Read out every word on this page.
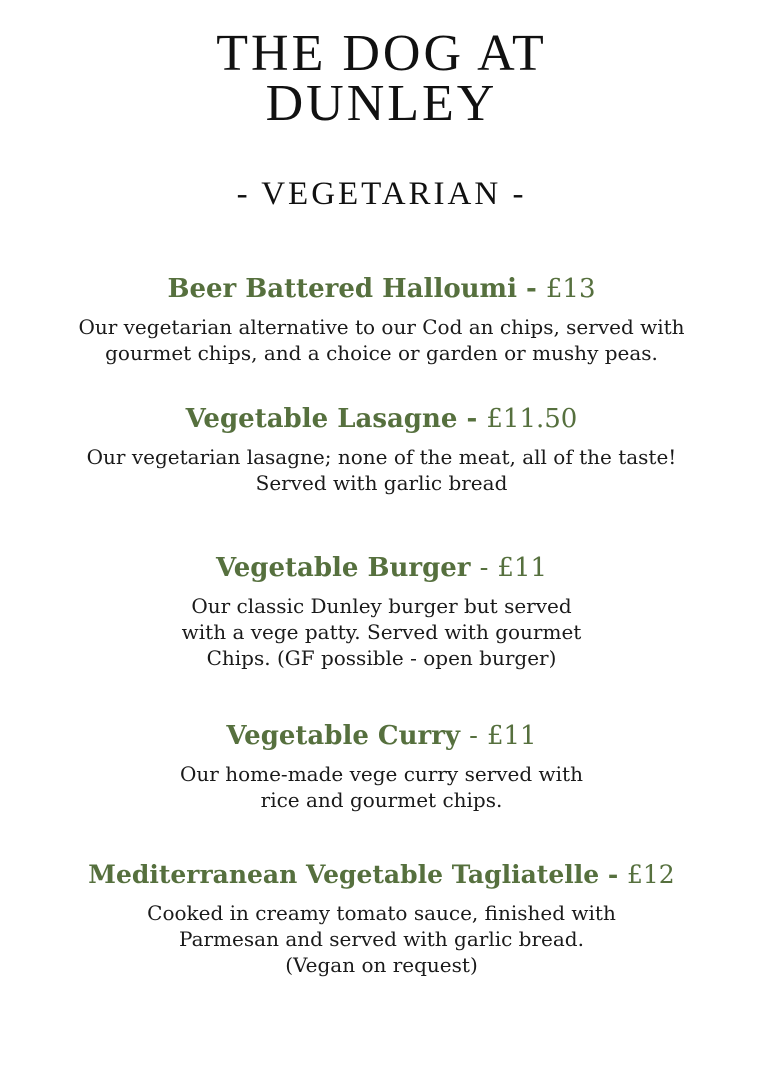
THE DOG AT
DUNLEY
- VEGETARIAN -
Beer Battered Halloumi - £13
Our vegetarian alternative to our Cod an chips, served with
gourmet chips, and a choice or garden or mushy peas.
Vegetable Lasagne - £11.50
Our vegetarian lasagne; none of the meat, all of the taste!
Served with garlic bread
Vegetable Burger - £11
Our classic Dunley burger but served
with a vege patty. Served with gourmet
Chips. (GF possible - open burger)
Vegetable Curry - £11
Our home-made vege curry served with
rice and gourmet chips.
Mediterranean Vegetable Tagliatelle - £12
Cooked in creamy tomato sauce, finished with
Parmesan and served with garlic bread.
(Vegan on request)
